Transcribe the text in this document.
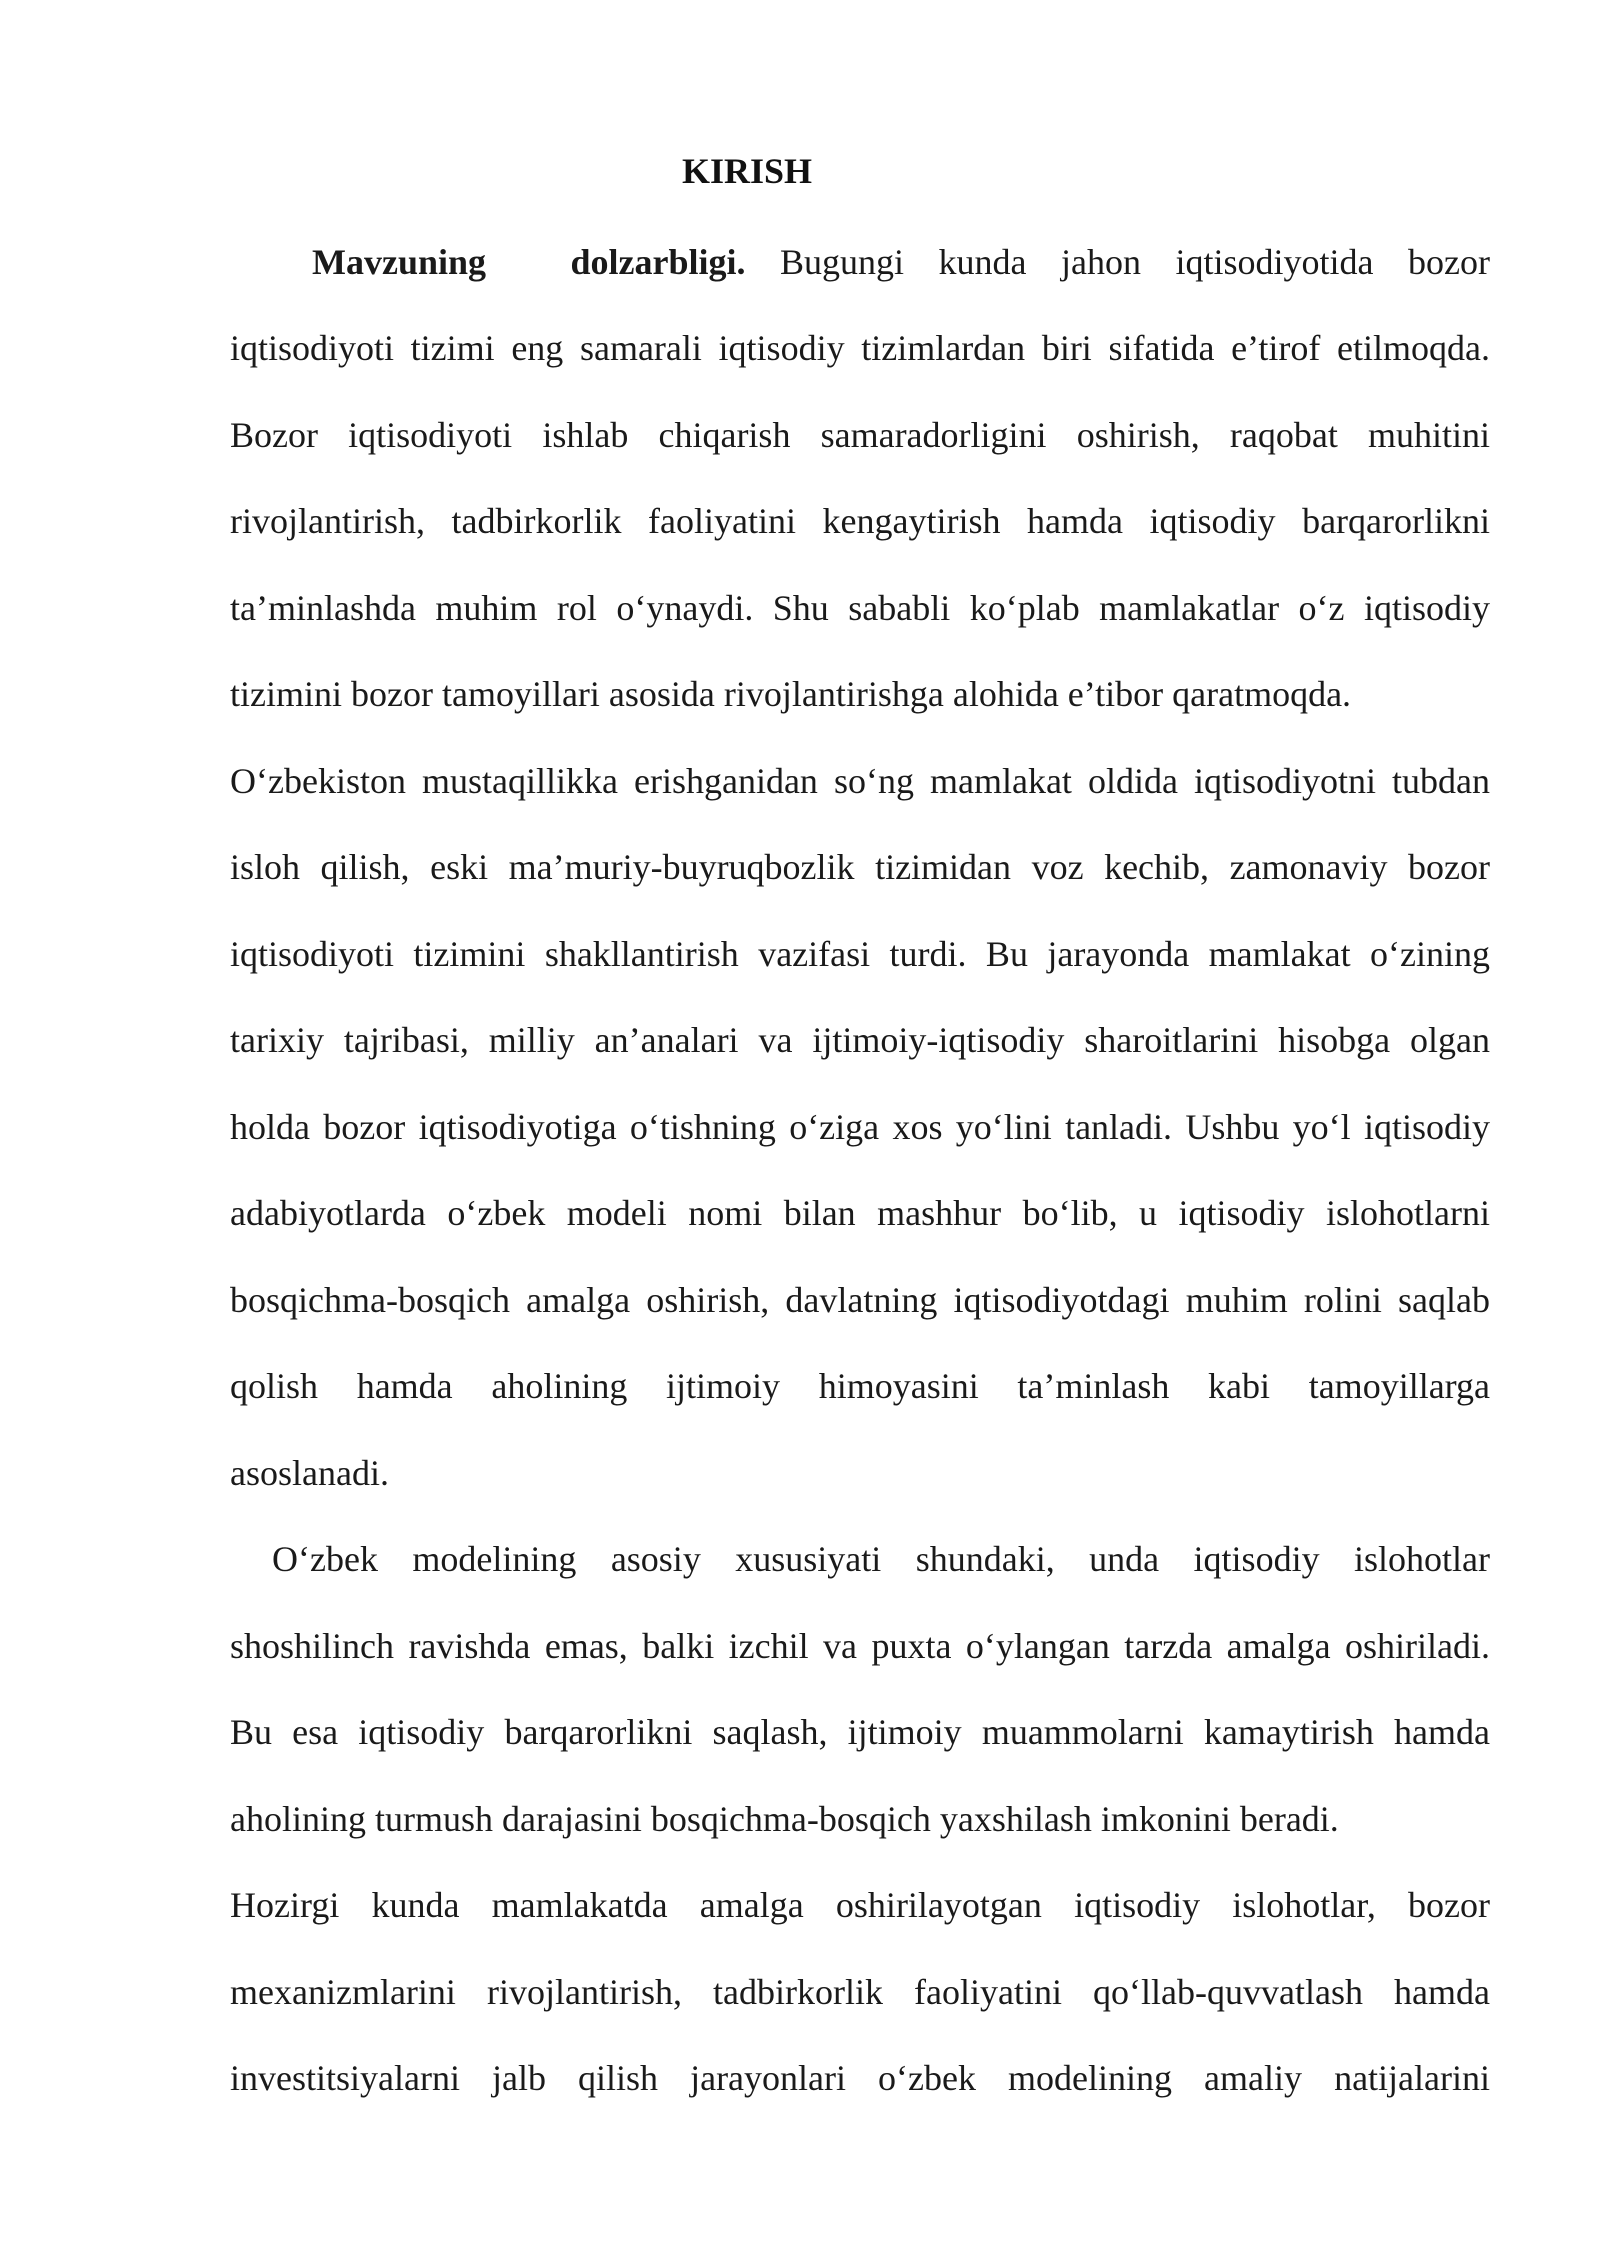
KIRISH
Mavzuning dolzarbligi. Bugungi kunda jahon iqtisodiyotida bozor
iqtisodiyoti tizimi eng samarali iqtisodiy tizimlardan biri sifatida e’tirof etilmoqda.
Bozor iqtisodiyoti ishlab chiqarish samaradorligini oshirish, raqobat muhitini
rivojlantirish, tadbirkorlik faoliyatini kengaytirish hamda iqtisodiy barqarorlikni
ta’minlashda muhim rol o‘ynaydi. Shu sababli ko‘plab mamlakatlar o‘z iqtisodiy
tizimini bozor tamoyillari asosida rivojlantirishga alohida e’tibor qaratmoqda.
O‘zbekiston mustaqillikka erishganidan so‘ng mamlakat oldida iqtisodiyotni tubdan
isloh qilish, eski ma’muriy-buyruqbozlik tizimidan voz kechib, zamonaviy bozor
iqtisodiyoti tizimini shakllantirish vazifasi turdi. Bu jarayonda mamlakat o‘zining
tarixiy tajribasi, milliy an’analari va ijtimoiy-iqtisodiy sharoitlarini hisobga olgan
holda bozor iqtisodiyotiga o‘tishning o‘ziga xos yo‘lini tanladi. Ushbu yo‘l iqtisodiy
adabiyotlarda o‘zbek modeli nomi bilan mashhur bo‘lib, u iqtisodiy islohotlarni
bosqichma-bosqich amalga oshirish, davlatning iqtisodiyotdagi muhim rolini saqlab
qolish hamda aholining ijtimoiy himoyasini ta’minlash kabi tamoyillarga
asoslanadi.
O‘zbek modelining asosiy xususiyati shundaki, unda iqtisodiy islohotlar
shoshilinch ravishda emas, balki izchil va puxta o‘ylangan tarzda amalga oshiriladi.
Bu esa iqtisodiy barqarorlikni saqlash, ijtimoiy muammolarni kamaytirish hamda
aholining turmush darajasini bosqichma-bosqich yaxshilash imkonini beradi.
Hozirgi kunda mamlakatda amalga oshirilayotgan iqtisodiy islohotlar, bozor
mexanizmlarini rivojlantirish, tadbirkorlik faoliyatini qo‘llab-quvvatlash hamda
investitsiyalarni jalb qilish jarayonlari o‘zbek modelining amaliy natijalarini
